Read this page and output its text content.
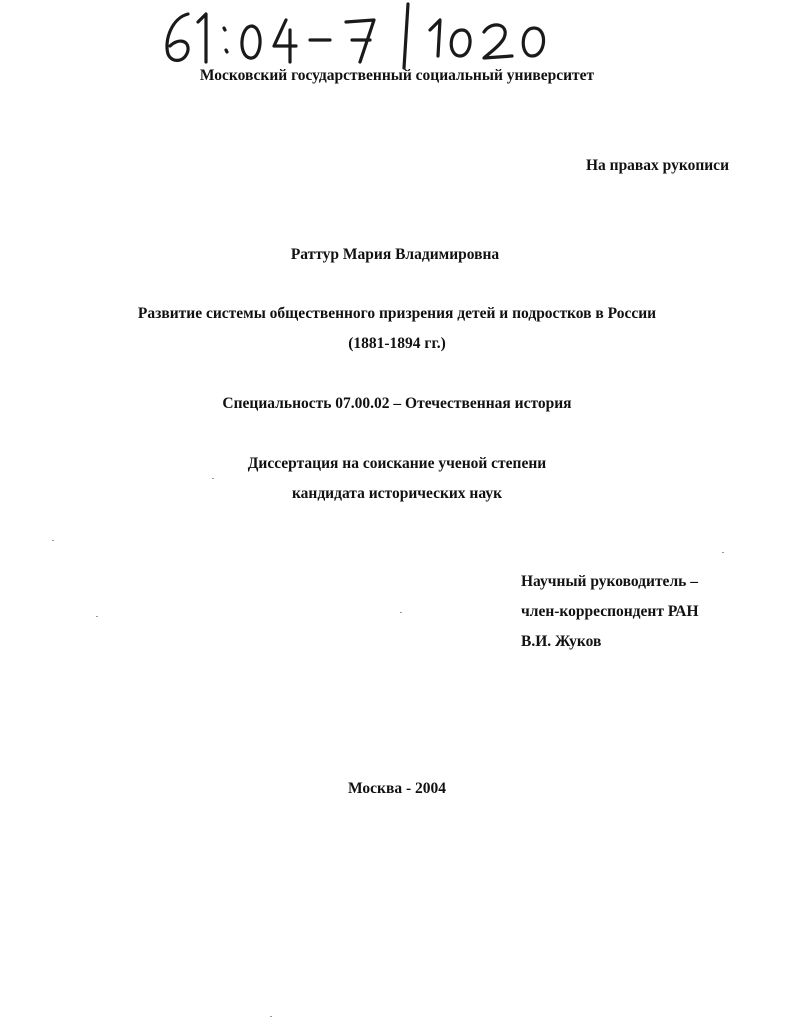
Московский государственный социальный университет
На правах рукописи
Раттур Мария Владимировна
Развитие системы общественного призрения детей и подростков в России
(1881-1894 гг.)
Специальность 07.00.02 – Отечественная история
Диссертация на соискание ученой степени
кандидата исторических наук
Научный руководитель –
член-корреспондент РАН
В.И. Жуков
Москва - 2004
